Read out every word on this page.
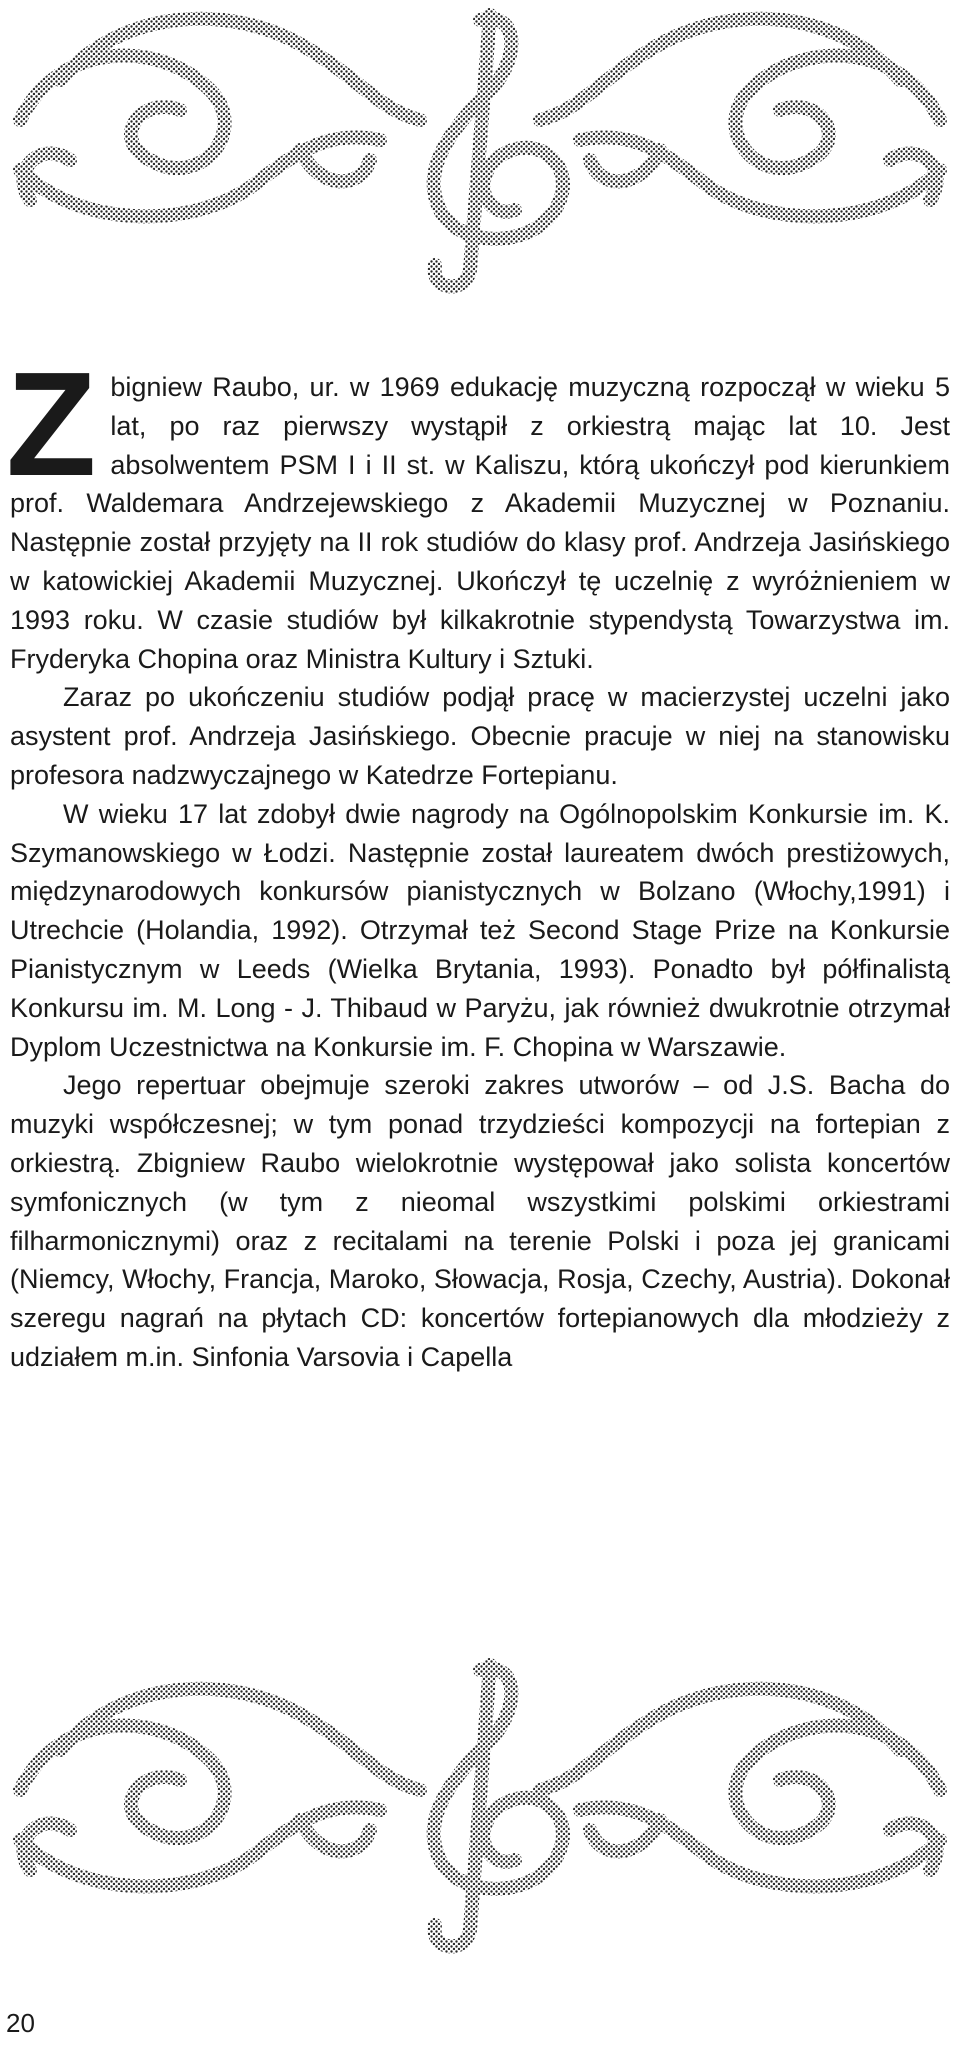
Zbigniew Raubo, ur. w 1969 edukację muzyczną rozpoczął w wieku 5 lat, po raz pierwszy wystąpił z orkiestrą mając lat 10. Jest absolwentem PSM I i II st. w Kaliszu, którą ukończył pod kierunkiem prof. Waldemara Andrzejewskiego z Akademii Muzycznej w Poznaniu. Następnie został przyjęty na II rok studiów do klasy prof. Andrzeja Jasińskiego w katowickiej Akademii Muzycznej. Ukończył tę uczelnię z wyróżnieniem w 1993 roku. W czasie studiów był kilkakrotnie stypendystą Towarzystwa im. Fryderyka Chopina oraz Ministra Kultury i Sztuki.

Zaraz po ukończeniu studiów podjął pracę w macierzystej uczelni jako asystent prof. Andrzeja Jasińskiego. Obecnie pracuje w niej na stanowisku profesora nadzwyczajnego w Katedrze Fortepianu.

W wieku 17 lat zdobył dwie nagrody na Ogólnopolskim Konkursie im. K. Szymanowskiego w Łodzi. Następnie został laureatem dwóch prestiżowych, międzynarodowych konkursów pianistycznych w Bolzano (Włochy,1991) i Utrechcie (Holandia, 1992). Otrzymał też Second Stage Prize na Konkursie Pianistycznym w Leeds (Wielka Brytania, 1993). Ponadto był półfinalistą Konkursu im. M. Long - J. Thibaud w Paryżu, jak również dwukrotnie otrzymał Dyplom Uczestnictwa na Konkursie im. F. Chopina w Warszawie.

Jego repertuar obejmuje szeroki zakres utworów – od J.S. Bacha do muzyki współczesnej; w tym ponad trzydzieści kompozycji na fortepian z orkiestrą. Zbigniew Raubo wielokrotnie występował jako solista koncertów symfonicznych (w tym z nieomal wszystkimi polskimi orkiestrami filharmonicznymi) oraz z recitalami na terenie Polski i poza jej granicami (Niemcy, Włochy, Francja, Maroko, Słowacja, Rosja, Czechy, Austria). Dokonał szeregu nagrań na płytach CD: koncertów fortepianowych dla młodzieży z udziałem m.in. Sinfonia Varsovia i Capella

20
